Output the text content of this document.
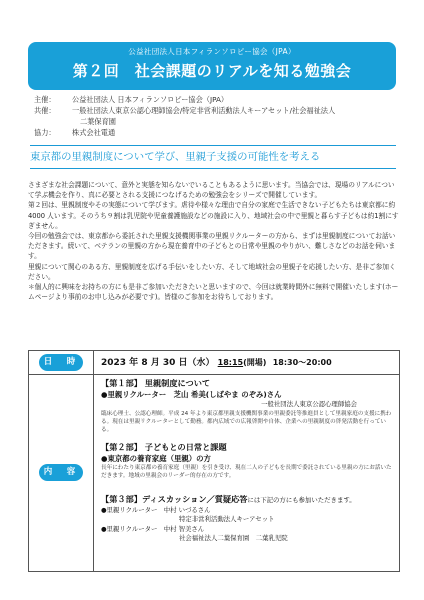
公益社団法人日本フィランソロピー協会（JPA）
第２回　社会課題のリアルを知る勉強会
主催：	公益社団法人 日本フィランソロピー協会（JPA）
共催：	一般社団法人東京公認心理師協会/特定非営利活動法人キーアセット/社会福祉法人
二葉保育園
協力：	株式会社電通
東京都の里親制度について学び、里親子支援の可能性を考える

さまざまな社会課題について、意外と実態を知らないでいることもあるように思います。当協会では、現場のリアルについて学ぶ機会を作り、真に必要とされる支援につなげるための勉強会をシリーズで開催しています。

第２回は、里親制度やその実態について学びます。虐待や様々な理由で自分の家庭で生活できない子どもたちは東京都に約 4000 人います。そのうち９割は乳児院や児童養護施設などの施設に入り、地域社会の中で里親と暮らす子どもは約1割にすぎません。

今回の勉強会では、東京都から委託された里親支援機関事業の里親リクルーターの方から、まずは里親制度についてお話いただきます。続いて、ベテランの里親の方から現在養育中の子どもとの日常や里親のやりがい、難しさなどのお話を伺います。

里親について関心のある方、里親制度を広げる手伝いをしたい方、そして地域社会の里親子を応援したい方、是非ご参加ください。

＊個人的に興味をお持ちの方にも是非ご参加いただきたいと思いますので、今回は就業時間外に無料で開催いたします(ホームページより事前のお申し込みが必要です)。皆様のご参加をお待ちしております。

日　時	2023 年 8 月 30 日（水） 18:15(開場) 18:30～20:00
内　容
【第１部】 里親制度について
●里親リクルーター　芝山 希美(しばやま のぞみ)さん
一般社団法人東京公認心理師協会
臨床心理士、公認心理師。平成 24 年より東京都里親支援機関事業の里親委託等推進員として里親家庭の支援に携わる。現在は里親リクルーターとして勤務。都内広域での広報啓開や自体、企業への里親制度の啓発活動を行っている。
【第２部】 子どもとの日常と課題
●東京都の養育家庭（里親）の方
長年にわたり東京都の養育家庭（里親）を引き受け、現在二人の子どもを長期で委託されている里親の方にお話いただきます。地域の里親会のリーダー的存在の方です。
【第３部】ディスカッション／質疑応答には下記の方にも参加いただきます。
●里親リクルーター　中村 いづるさん
特定非営利活動法人キーアセット
●里親リクルーター　中村 智美さん
社会福祉法人二葉保育園　二葉乳児院
